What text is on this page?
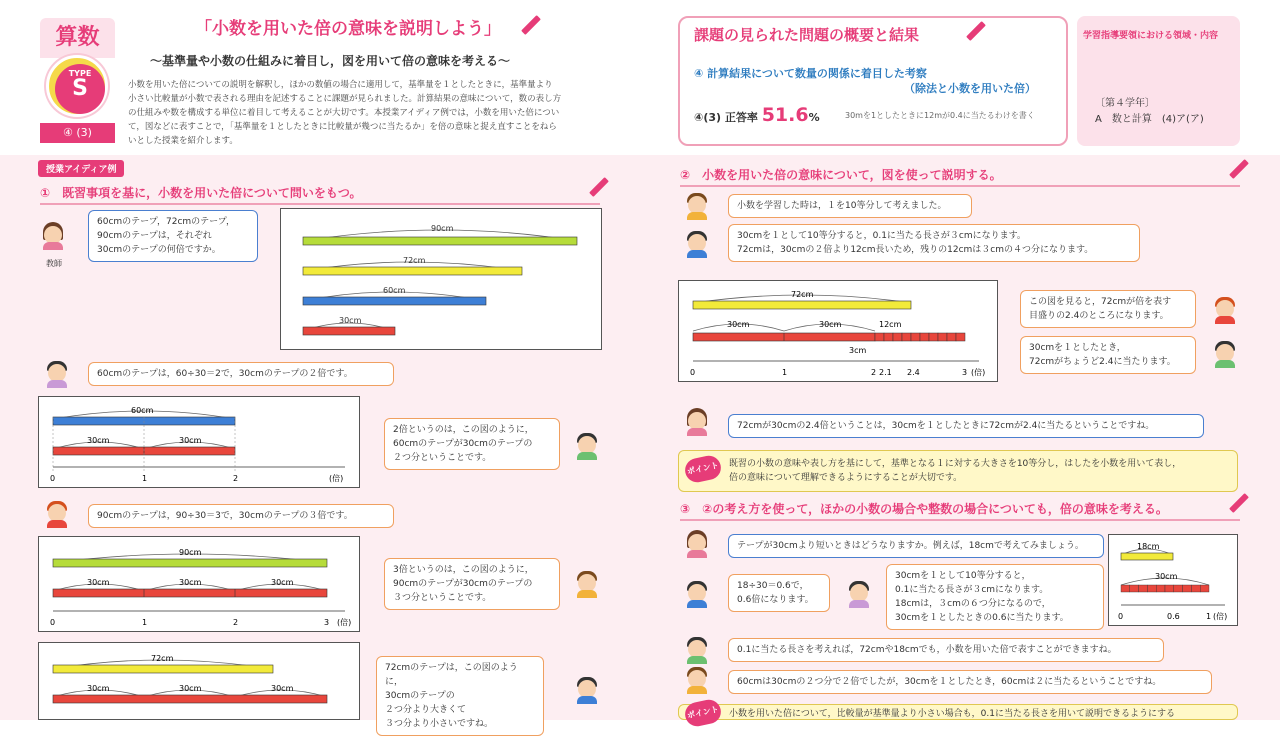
算数
TYPE
S
④ (3)
「小数を用いた倍の意味を説明しよう」
～基準量や小数の仕組みに着目し，図を用いて倍の意味を考える～
小数を用いた倍についての説明を解釈し，ほかの数値の場合に適用して，基準量を１としたときに，基準量より
小さい比較量が小数で表される理由を記述することに課題が見られました。計算結果の意味について，数の表し方
の仕組みや数を構成する単位に着目して考えることが大切です。本授業アイディア例では，小数を用いた倍につい
て，図などに表すことで，「基準量を１としたときに比較量が幾つに当たるか」を倍の意味と捉え直すことをねら
いとした授業を紹介します。
課題の見られた問題の概要と結果
④ 計算結果について数量の関係に着目した考察
（除法と小数を用いた倍）
④(3) 正答率 51.6%	30mを1としたときに12mが0.4に当たるわけを書く
学習指導要領における領域・内容
〔第４学年〕
A　数と計算　(4)ア(ア)
授業アイディア例
①　既習事項を基に，小数を用いた倍について問いをもつ。
教師
60cmのテープ，72cmのテープ，
90cmのテープは，それぞれ
30cmのテープの何倍ですか。
90cm
72cm
60cm
30cm
60cmのテープは，60÷30＝2で，30cmのテープの２倍です。
60cm
30cm	30cm
0	1	2	(倍)
2倍というのは，この図のように，
60cmのテープが30cmのテープの
２つ分ということです。
90cmのテープは，90÷30＝3で，30cmのテープの３倍です。
90cm
30cm	30cm	30cm
0	1	2	3 (倍)
3倍というのは，この図のように，
90cmのテープが30cmのテープの
３つ分ということです。
72cm
30cm	30cm	30cm
72cmのテープは，この図のように，
30cmのテープの
２つ分より大きくて
３つ分より小さいですね。
②　小数を用いた倍の意味について，図を使って説明する。
小数を学習した時は，１を10等分して考えました。
30cmを１として10等分すると，0.1に当たる長さが３cmになります。
72cmは，30cmの２倍より12cm長いため，残りの12cmは３cmの４つ分になります。
72cm
30cm	30cm	12cm
3cm
0	1	2 2.1 2.4	3 (倍)
この図を見ると，72cmが倍を表す
目盛りの2.4のところになります。
30cmを１としたとき，
72cmがちょうど2.4に当たります。
72cmが30cmの2.4倍ということは，30cmを１としたときに72cmが2.4に当たるということですね。
ポイント	既習の小数の意味や表し方を基にして，基準となる１に対する大きさを10等分し，はしたを小数を用いて表し，
倍の意味について理解できるようにすることが大切です。
③　②の考え方を使って，ほかの小数の場合や整数の場合についても，倍の意味を考える。
テープが30cmより短いときはどうなりますか。例えば，18cmで考えてみましょう。
18÷30＝0.6で，
0.6倍になります。
30cmを１として10等分すると，
0.1に当たる長さが３cmになります。
18cmは，３cmの６つ分になるので，
30cmを１としたときの0.6に当たります。
18cm
30cm
0	0.6	1 (倍)
0.1に当たる長さを考えれば，72cmや18cmでも，小数を用いた倍で表すことができますね。
60cmは30cmの２つ分で２倍でしたが，30cmを１としたとき，60cmは２に当たるということですね。
ポイント	小数を用いた倍について，比較量が基準量より小さい場合も，0.1に当たる長さを用いて説明できるようにする
